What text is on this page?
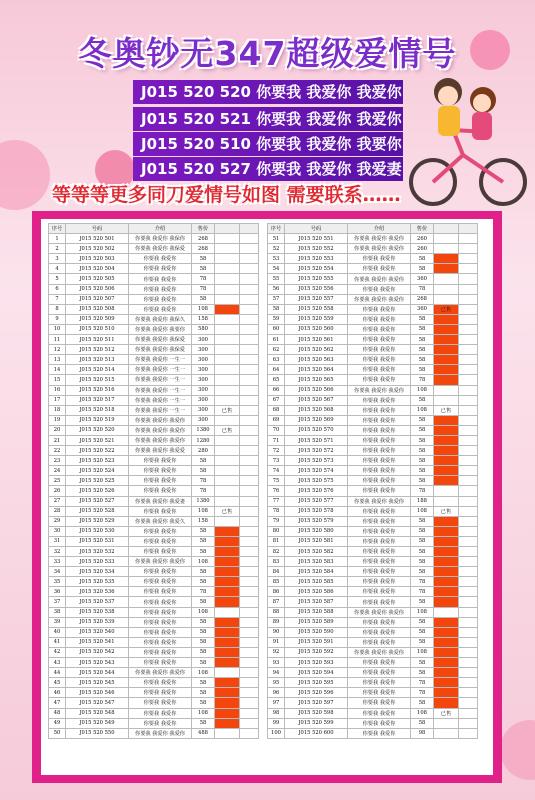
冬奥钞无347超级爱情号
J015 520 520 你要我 我爱你 我爱你
J015 520 521 你要我 我爱你 我爱你
J015 520 510 你要我 我爱你 我要你
J015 520 527 你要我 我爱你 我爱妻
等等等更多同刀爱情号如图 需要联系……
序号	号码	介绍	售价		
1	J015 520 501	你要我 我爱你 我保你	268		
2	J015 520 502	你要我 我爱你 我保爱	268		
3	J015 520 503	你要我 我爱你	58		
4	J015 520 504	你要我 我爱你	58		
5	J015 520 505	你要我 我爱你	78		
6	J015 520 506	你要我 我爱你	78		
7	J015 520 507	你要我 我爱你	58		
8	J015 520 508	你要我 我爱你	108		
9	J015 520 509	你要我 我爱你 我保久	158		
10	J015 520 510	你要我 我爱你 我要你	580		
11	J015 520 511	你要我 我爱你 我保爱	300		
12	J015 520 512	你要我 我爱你 我保爱	300		
13	J015 520 513	你要我 我爱你 一生一	300		
14	J015 520 514	你要我 我爱你 一生一	300		
15	J015 520 515	你要我 我爱你 一生一	300		
16	J015 520 516	你要我 我爱你 一生一	300		
17	J015 520 517	你要我 我爱你 一生一	300		
18	J015 520 518	你要我 我爱你 一生一	300	已售	
19	J015 520 519	你要我 我爱你 我爱你	300		
20	J015 520 520	你要我 我爱你 我爱你	1380	已售	
21	J015 520 521	你要我 我爱你 我爱你	1280		
22	J015 520 522	你要我 我爱你 我爱爱	280		
23	J015 520 523	你要我 我爱你	58		
24	J015 520 524	你要我 我爱你	58		
25	J015 520 525	你要我 我爱你	78		
26	J015 520 526	你要我 我爱你	78		
27	J015 520 527	你要我 我爱你 我爱妻	1380		
28	J015 520 528	你要我 我爱你	108	已售	
29	J015 520 529	你要我 我爱你 我爱久	158		
30	J015 520 530	你要我 我爱你	58		
31	J015 520 531	你要我 我爱你	58		
32	J015 520 532	你要我 我爱你	58		
33	J015 520 533	你要我 我爱你 我爱你	108		
34	J015 520 534	你要我 我爱你	58		
35	J015 520 535	你要我 我爱你	58		
36	J015 520 536	你要我 我爱你	78		
37	J015 520 537	你要我 我爱你	58		
38	J015 520 538	你要我 我爱你	108		
39	J015 520 539	你要我 我爱你	58		
40	J015 520 540	你要我 我爱你	58		
41	J015 520 541	你要我 我爱你	58		
42	J015 520 542	你要我 我爱你	58		
43	J015 520 543	你要我 我爱你	58		
44	J015 520 544	你要我 我爱你 我爱你	108		
45	J015 520 545	你要我 我爱你	58		
46	J015 520 546	你要我 我爱你	58		
47	J015 520 547	你要我 我爱你	58		
48	J015 520 548	你要我 我爱你	108		
49	J015 520 549	你要我 我爱你	58		
50	J015 520 550	你要我 我爱你 我爱你	488		
序号	号码	介绍	售价		
51	J015 520 551	你要我 我爱你 我爱你	260		
52	J015 520 552	你要我 我爱你 我爱你	260		
53	J015 520 553	你要我 我爱你	58		
54	J015 520 554	你要我 我爱你	58		
55	J015 520 555	你要我 我爱你 我爱你	360		
56	J015 520 556	你要我 我爱你	78		
57	J015 520 557	你要我 我爱你 我爱你	268		
58	J015 520 558	你要我 我爱你	360	已售	
59	J015 520 559	你要我 我爱你	58		
60	J015 520 560	你要我 我爱你	58		
61	J015 520 561	你要我 我爱你	58		
62	J015 520 562	你要我 我爱你	58		
63	J015 520 563	你要我 我爱你	58		
64	J015 520 564	你要我 我爱你	58		
65	J015 520 565	你要我 我爱你	78		
66	J015 520 566	你要我 我爱你 我爱你	108		
67	J015 520 567	你要我 我爱你	58		
68	J015 520 568	你要我 我爱你	108	已售	
69	J015 520 569	你要我 我爱你	58		
70	J015 520 570	你要我 我爱你	58		
71	J015 520 571	你要我 我爱你	58		
72	J015 520 572	你要我 我爱你	58		
73	J015 520 573	你要我 我爱你	58		
74	J015 520 574	你要我 我爱你	58		
75	J015 520 575	你要我 我爱你	58		
76	J015 520 576	你要我 我爱你	78		
77	J015 520 577	你要我 我爱你 我爱你	188		
78	J015 520 578	你要我 我爱你	108	已售	
79	J015 520 579	你要我 我爱你	58		
80	J015 520 580	你要我 我爱你	58		
81	J015 520 581	你要我 我爱你	58		
82	J015 520 582	你要我 我爱你	58		
83	J015 520 583	你要我 我爱你	58		
84	J015 520 584	你要我 我爱你	58		
85	J015 520 585	你要我 我爱你	78		
86	J015 520 586	你要我 我爱你	78		
87	J015 520 587	你要我 我爱你	58		
88	J015 520 588	你要我 我爱你 我爱你	108		
89	J015 520 589	你要我 我爱你	58		
90	J015 520 590	你要我 我爱你	58		
91	J015 520 591	你要我 我爱你	58		
92	J015 520 592	你要我 我爱你 我爱你	108		
93	J015 520 593	你要我 我爱你	58		
94	J015 520 594	你要我 我爱你	58		
95	J015 520 595	你要我 我爱你	78		
96	J015 520 596	你要我 我爱你	78		
97	J015 520 597	你要我 我爱你	58		
98	J015 520 598	你要我 我爱你	108	已售	
99	J015 520 599	你要我 我爱你	58		
100	J015 520 600	你要我 我爱你	98		
